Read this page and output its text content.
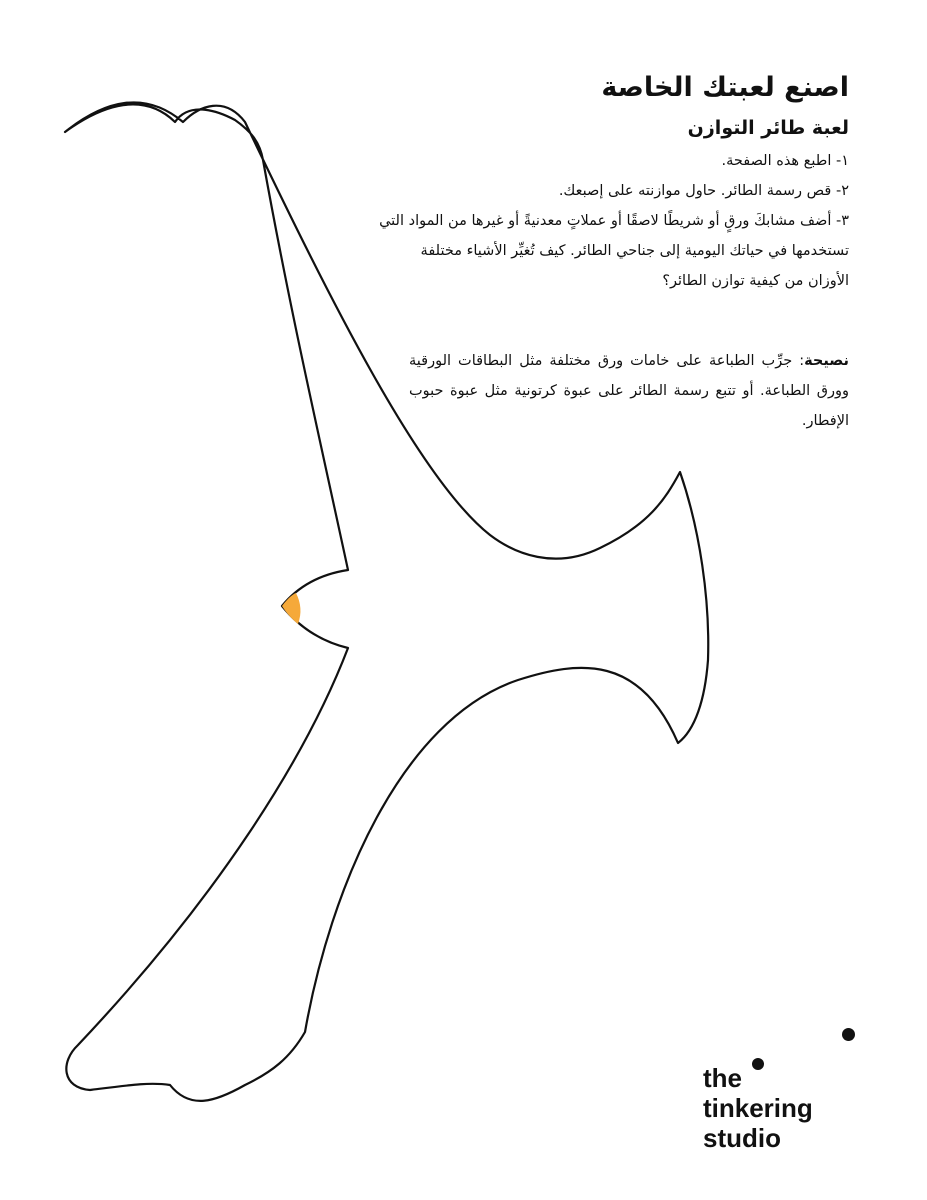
اصنع لعبتك الخاصة
لعبة طائر التوازن
١- اطبع هذه الصفحة.
٢- قص رسمة الطائر. حاول موازنته على إصبعك.
٣- أضف مشابكَ ورقٍ أو شريطًا لاصقًا أو عملاتٍ معدنيةً أو غيرها من المواد التي تستخدمها في حياتك اليومية إلى جناحي الطائر. كيف تُغيِّر الأشياء مختلفة الأوزان من كيفية توازن الطائر؟
نصيحة: جرِّب الطباعة على خامات ورق مختلفة مثل البطاقات الورقية وورق الطباعة. أو تتبع رسمة الطائر على عبوة كرتونية مثل عبوة حبوب الإفطار.
the
tinkering
studio
